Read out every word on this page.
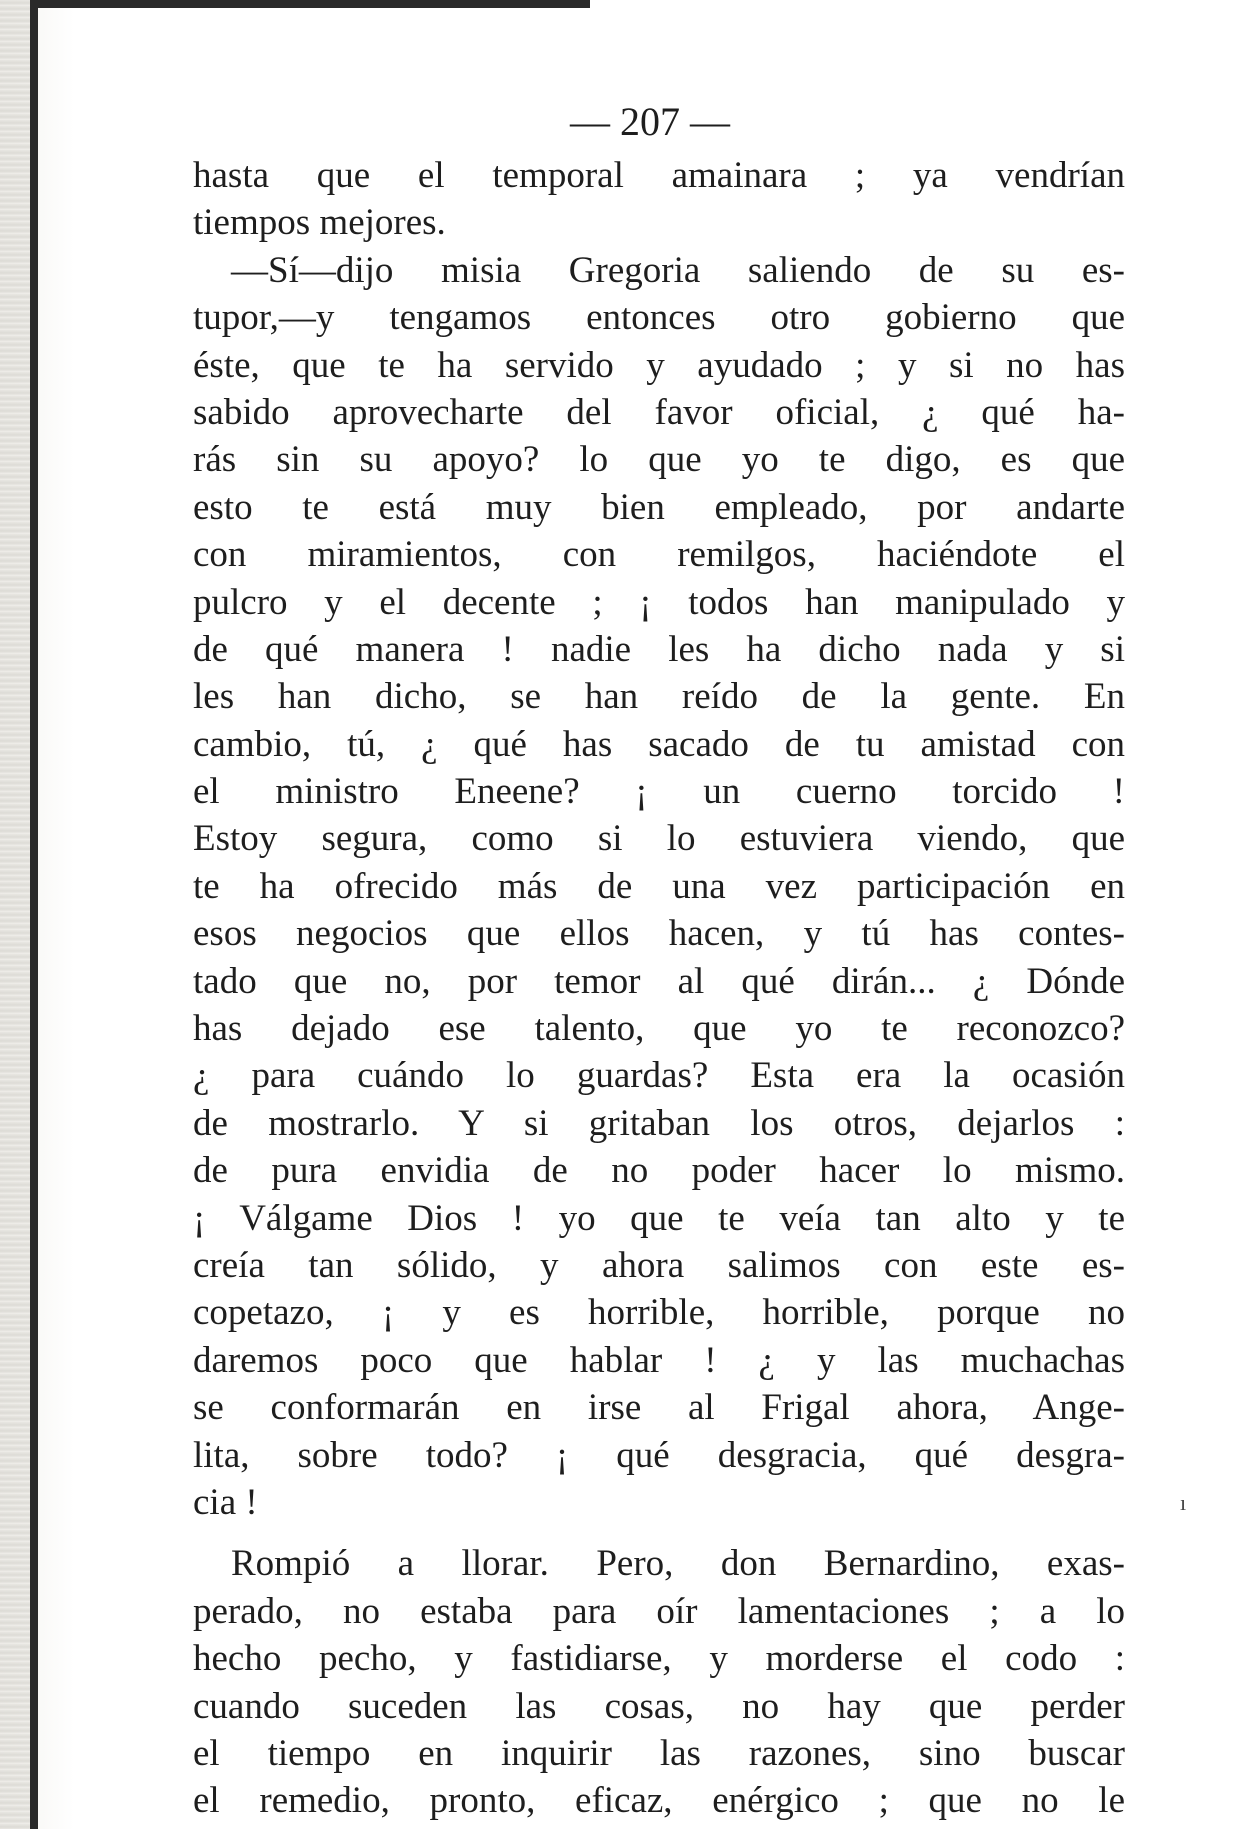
— 207 —
hasta que el temporal amainara ; ya vendrían
tiempos mejores.
—Sí—dijo misia Gregoria saliendo de su es-
tupor,—y tengamos entonces otro gobierno que
éste, que te ha servido y ayudado ; y si no has
sabido aprovecharte del favor oficial, ¿ qué ha-
rás sin su apoyo? lo que yo te digo, es que
esto te está muy bien empleado, por andarte
con miramientos, con remilgos, haciéndote el
pulcro y el decente ; ¡ todos han manipulado y
de qué manera ! nadie les ha dicho nada y si
les han dicho, se han reído de la gente. En
cambio, tú, ¿ qué has sacado de tu amistad con
el ministro Eneene? ¡ un cuerno torcido !
Estoy segura, como si lo estuviera viendo, que
te ha ofrecido más de una vez participación en
esos negocios que ellos hacen, y tú has contes-
tado que no, por temor al qué dirán... ¿ Dónde
has dejado ese talento, que yo te reconozco?
¿ para cuándo lo guardas? Esta era la ocasión
de mostrarlo. Y si gritaban los otros, dejarlos :
de pura envidia de no poder hacer lo mismo.
¡ Válgame Dios ! yo que te veía tan alto y te
creía tan sólido, y ahora salimos con este es-
copetazo, ¡ y es horrible, horrible, porque no
daremos poco que hablar ! ¿ y las muchachas
se conformarán en irse al Frigal ahora, Ange-
lita, sobre todo? ¡ qué desgracia, qué desgra-
cia !
Rompió a llorar. Pero, don Bernardino, exas-
perado, no estaba para oír lamentaciones ; a lo
hecho pecho, y fastidiarse, y morderse el codo :
cuando suceden las cosas, no hay que perder
el tiempo en inquirir las razones, sino buscar
el remedio, pronto, eficaz, enérgico ; que no le
ı
